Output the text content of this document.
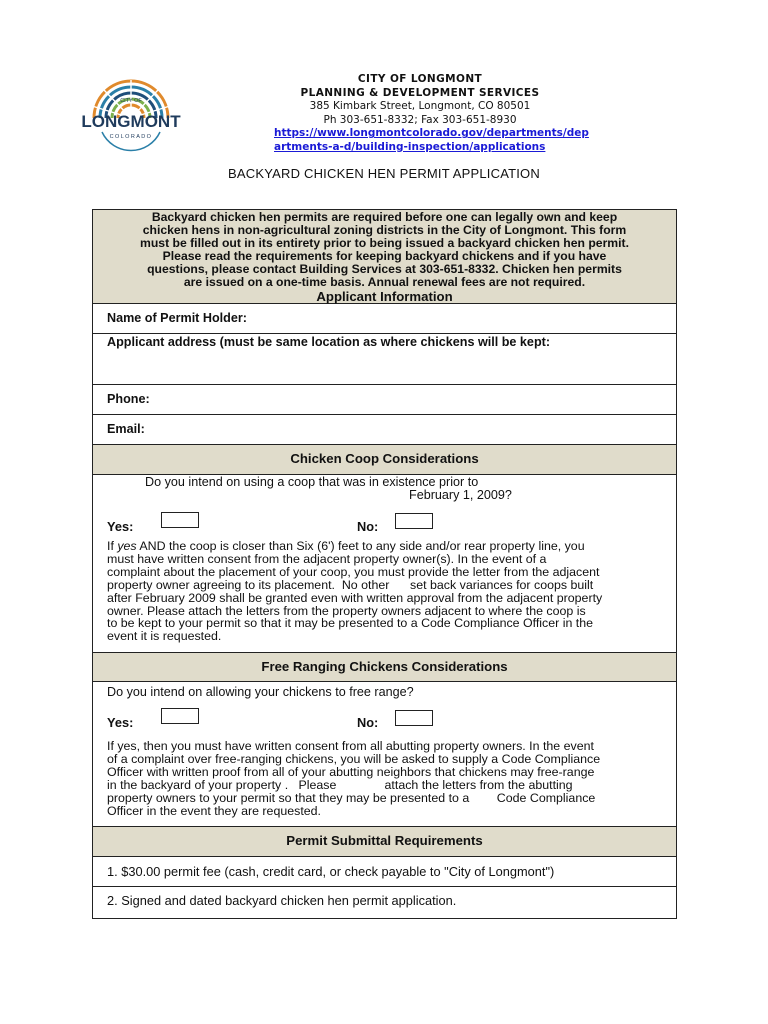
CITY OF
LONGMONT
COLORADO
CITY OF LONGMONT
PLANNING & DEVELOPMENT SERVICES
385 Kimbark Street, Longmont, CO 80501
Ph 303-651-8332; Fax 303-651-8930
https://www.longmontcolorado.gov/departments/dep
artments-a-d/building-inspection/applications
BACKYARD CHICKEN HEN PERMIT APPLICATION
Backyard chicken hen permits are required before one can legally own and keep
chicken hens in non-agricultural zoning districts in the City of Longmont. This form
must be filled out in its entirety prior to being issued a backyard chicken hen permit.
Please read the requirements for keeping backyard chickens and if you have
questions, please contact Building Services at 303-651-8332. Chicken hen permits
are issued on a one-time basis. Annual renewal fees are not required.
Applicant Information
Name of Permit Holder:
Applicant address (must be same location as where chickens will be kept:
Phone:
Email:
Chicken Coop Considerations
Do you intend on using a coop that was in existence prior to
February 1, 2009?
Yes:	No:
If yes AND the coop is closer than Six (6') feet to any side and/or rear property line, you
must have written consent from the adjacent property owner(s). In the event of a
complaint about the placement of your coop, you must provide the letter from the adjacent
property owner agreeing to its placement.  No other      set back variances for coops built
after February 2009 shall be granted even with written approval from the adjacent property
owner. Please attach the letters from the property owners adjacent to where the coop is
to be kept to your permit so that it may be presented to a Code Compliance Officer in the
event it is requested.
Free Ranging Chickens Considerations
Do you intend on allowing your chickens to free range?
Yes:	No:
If yes, then you must have written consent from all abutting property owners. In the event
of a complaint over free-ranging chickens, you will be asked to supply a Code Compliance
Officer with written proof from all of your abutting neighbors that chickens may free-range
in the backyard of your property .   Please              attach the letters from the abutting
property owners to your permit so that they may be presented to a        Code Compliance
Officer in the event they are requested.
Permit Submittal Requirements
1. $30.00 permit fee (cash, credit card, or check payable to "City of Longmont")
2. Signed and dated backyard chicken hen permit application.
